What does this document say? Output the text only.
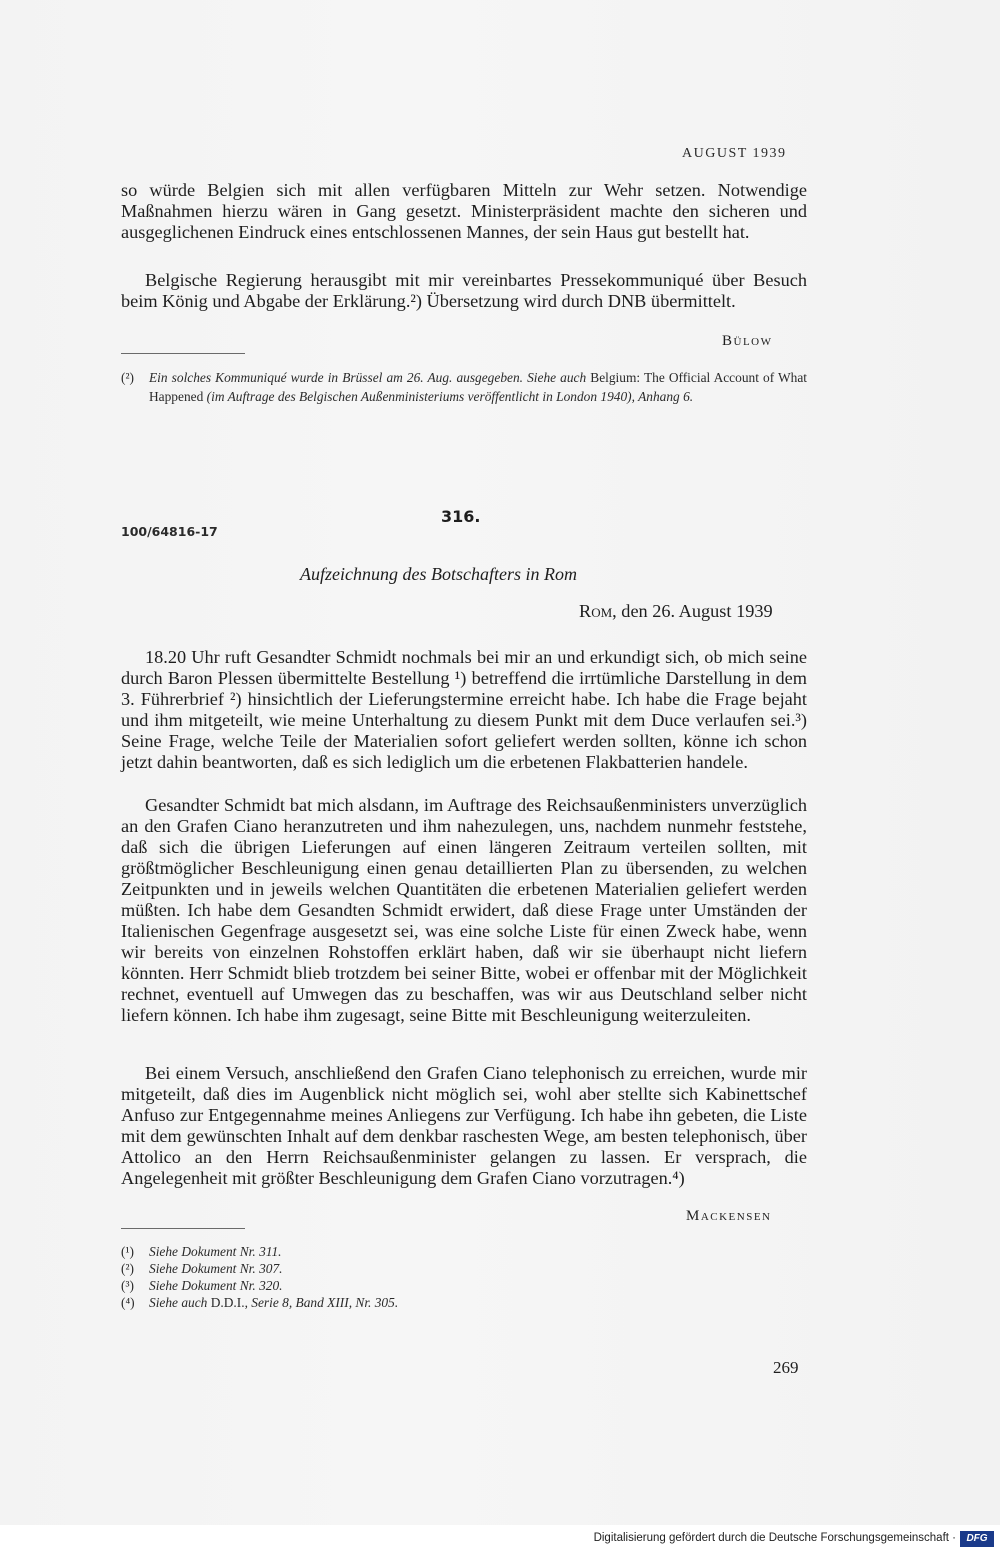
AUGUST 1939

so würde Belgien sich mit allen verfügbaren Mitteln zur Wehr setzen. Notwendige Maßnahmen hierzu wären in Gang gesetzt. Ministerpräsident machte den sicheren und ausgeglichenen Eindruck eines entschlossenen Mannes, der sein Haus gut bestellt hat.

Belgische Regierung herausgibt mit mir vereinbartes Pressekommuniqué über Besuch beim König und Abgabe der Erklärung.²) Übersetzung wird durch DNB übermittelt.

Bülow
(²)	Ein solches Kommuniqué wurde in Brüssel am 26. Aug. ausgegeben. Siehe auch Belgium: The Official Account of What Happened (im Auftrage des Belgischen Außenministeriums veröffentlicht in London 1940), Anhang 6.
316.
100/64816-17
Aufzeichnung des Botschafters in Rom
Rom, den 26. August 1939

18.20 Uhr ruft Gesandter Schmidt nochmals bei mir an und erkundigt sich, ob mich seine durch Baron Plessen übermittelte Bestellung ¹) betreffend die irrtümliche Darstellung in dem 3. Führerbrief ²) hinsichtlich der Lieferungstermine erreicht habe. Ich habe die Frage bejaht und ihm mitgeteilt, wie meine Unterhaltung zu diesem Punkt mit dem Duce verlaufen sei.³) Seine Frage, welche Teile der Materialien sofort geliefert werden sollten, könne ich schon jetzt dahin beantworten, daß es sich lediglich um die erbetenen Flakbatterien handele.

Gesandter Schmidt bat mich alsdann, im Auftrage des Reichsaußenministers unverzüglich an den Grafen Ciano heranzutreten und ihm nahezulegen, uns, nachdem nunmehr feststehe, daß sich die übrigen Lieferungen auf einen längeren Zeitraum verteilen sollten, mit größtmöglicher Beschleunigung einen genau detaillierten Plan zu übersenden, zu welchen Zeitpunkten und in jeweils welchen Quantitäten die erbetenen Materialien geliefert werden müßten. Ich habe dem Gesandten Schmidt erwidert, daß diese Frage unter Umständen der Italienischen Gegenfrage ausgesetzt sei, was eine solche Liste für einen Zweck habe, wenn wir bereits von einzelnen Rohstoffen erklärt haben, daß wir sie überhaupt nicht liefern könnten. Herr Schmidt blieb trotzdem bei seiner Bitte, wobei er offenbar mit der Möglichkeit rechnet, eventuell auf Umwegen das zu beschaffen, was wir aus Deutschland selber nicht liefern können. Ich habe ihm zugesagt, seine Bitte mit Beschleunigung weiterzuleiten.

Bei einem Versuch, anschließend den Grafen Ciano telephonisch zu erreichen, wurde mir mitgeteilt, daß dies im Augenblick nicht möglich sei, wohl aber stellte sich Kabinettschef Anfuso zur Entgegennahme meines Anliegens zur Verfügung. Ich habe ihn gebeten, die Liste mit dem gewünschten Inhalt auf dem denkbar raschesten Wege, am besten telephonisch, über Attolico an den Herrn Reichsaußenminister gelangen zu lassen. Er versprach, die Angelegenheit mit größter Beschleunigung dem Grafen Ciano vorzutragen.⁴)

Mackensen
(¹)	Siehe Dokument Nr. 311.
(²)	Siehe Dokument Nr. 307.
(³)	Siehe Dokument Nr. 320.
(⁴)	Siehe auch D.D.I., Serie 8, Band XIII, Nr. 305.
269
Digitalisierung gefördert durch die Deutsche Forschungsgemeinschaft ·	DFG
